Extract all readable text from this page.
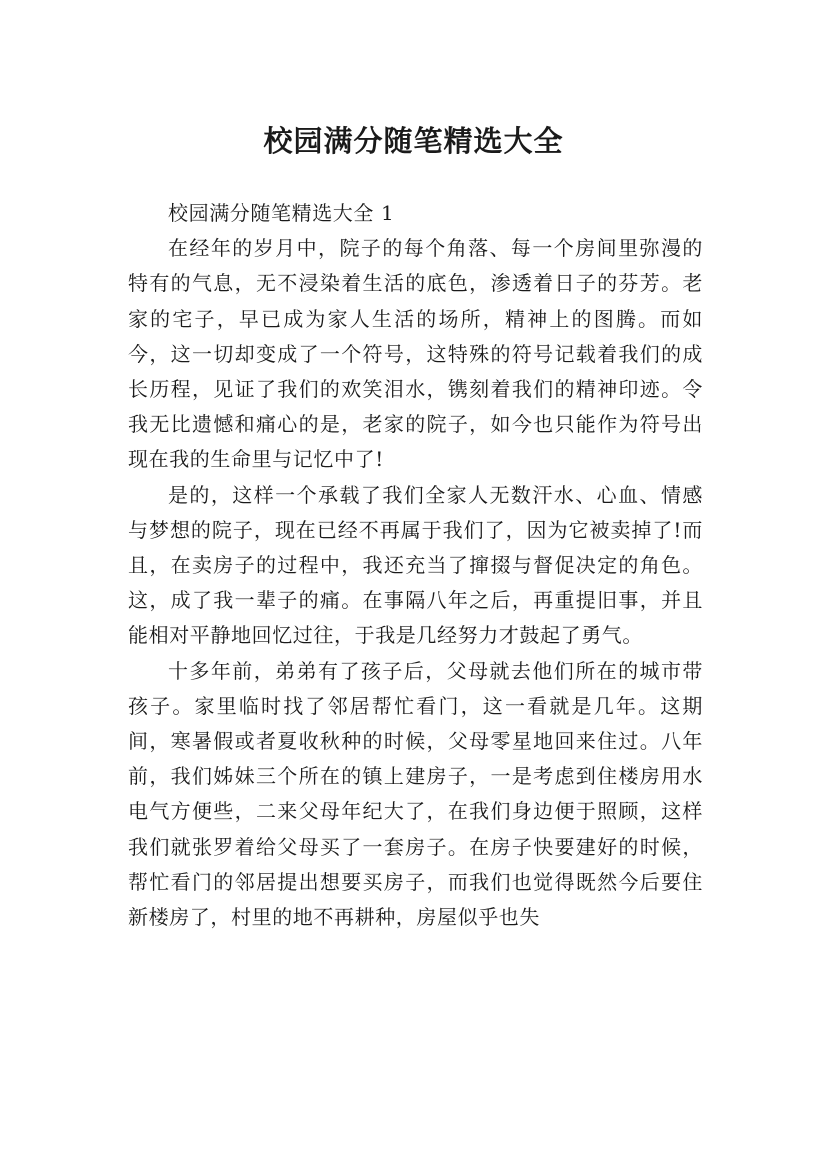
校园满分随笔精选大全

校园满分随笔精选大全 1

在经年的岁月中，院子的每个角落、每一个房间里弥漫的特有的气息，无不浸染着生活的底色，渗透着日子的芬芳。老家的宅子，早已成为家人生活的场所，精神上的图腾。而如今，这一切却变成了一个符号，这特殊的符号记载着我们的成长历程，见证了我们的欢笑泪水，镌刻着我们的精神印迹。令我无比遗憾和痛心的是，老家的院子，如今也只能作为符号出现在我的生命里与记忆中了!

是的，这样一个承载了我们全家人无数汗水、心血、情感与梦想的院子，现在已经不再属于我们了，因为它被卖掉了!而且，在卖房子的过程中，我还充当了撺掇与督促决定的角色。这，成了我一辈子的痛。在事隔八年之后，再重提旧事，并且能相对平静地回忆过往，于我是几经努力才鼓起了勇气。

十多年前，弟弟有了孩子后，父母就去他们所在的城市带孩子。家里临时找了邻居帮忙看门，这一看就是几年。这期间，寒暑假或者夏收秋种的时候，父母零星地回来住过。八年前，我们姊妹三个所在的镇上建房子，一是考虑到住楼房用水电气方便些，二来父母年纪大了，在我们身边便于照顾，这样我们就张罗着给父母买了一套房子。在房子快要建好的时候，帮忙看门的邻居提出想要买房子，而我们也觉得既然今后要住新楼房了，村里的地不再耕种，房屋似乎也失
